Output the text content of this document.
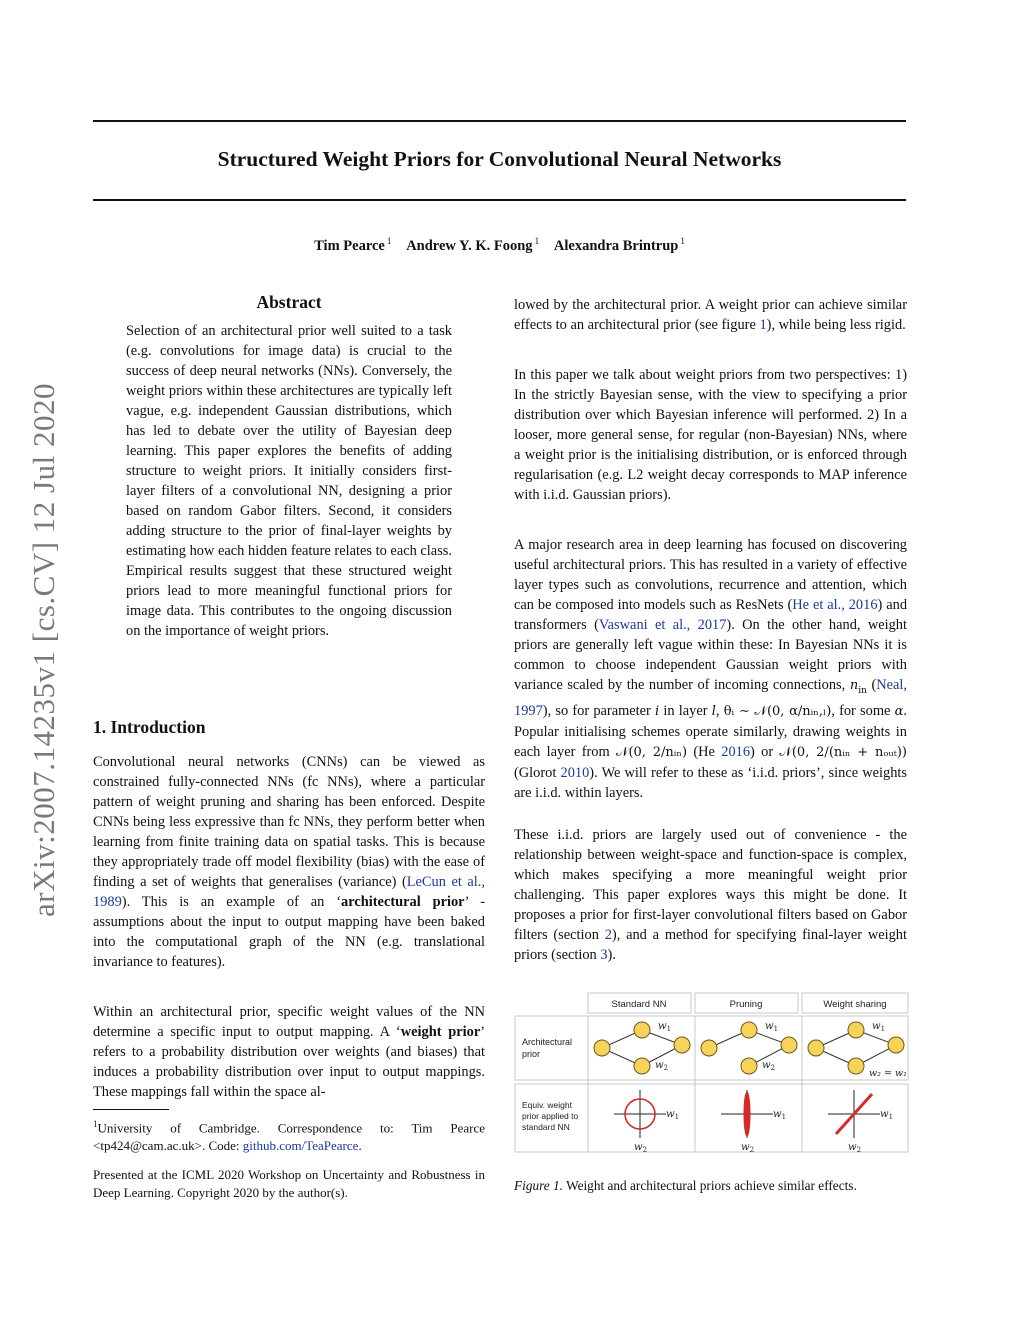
Structured Weight Priors for Convolutional Neural Networks
Tim Pearce $^1$ Andrew Y. K. Foong $^1$ Alexandra Brintrup $^1$
arXiv:2007.14235v1 [cs.CV] 12 Jul 2020
Abstract

Selection of an architectural prior well suited to a task (e.g. convolutions for image data) is crucial to the success of deep neural networks (NNs). Conversely, the weight priors within these architectures are typically left vague, e.g. independent Gaussian distributions, which has led to debate over the utility of Bayesian deep learning. This paper explores the benefits of adding structure to weight priors. It initially considers first-layer filters of a convolutional NN, designing a prior based on random Gabor filters. Second, it considers adding structure to the prior of final-layer weights by estimating how each hidden feature relates to each class. Empirical results suggest that these structured weight priors lead to more meaningful functional priors for image data. This contributes to the ongoing discussion on the importance of weight priors.

1. Introduction

Convolutional neural networks (CNNs) can be viewed as constrained fully-connected NNs (fc NNs), where a particular pattern of weight pruning and sharing has been enforced. Despite CNNs being less expressive than fc NNs, they perform better when learning from finite training data on spatial tasks. This is because they appropriately trade off model flexibility (bias) with the ease of finding a set of weights that generalises (variance) (LeCun et al., 1989). This is an example of an ‘architectural prior’ - assumptions about the input to output mapping have been baked into the computational graph of the NN (e.g. translational invariance to features).

Within an architectural prior, specific weight values of the NN determine a specific input to output mapping. A ‘weight prior’ refers to a probability distribution over weights (and biases) that induces a probability distribution over input to output mappings. These mappings fall within the space al-

$^1$University of Cambridge. Correspondence to: Tim Pearce <tp424@cam.ac.uk>. Code: github.com/TeaPearce.
Presented at the ICML 2020 Workshop on Uncertainty and Robustness in Deep Learning. Copyright 2020 by the author(s).

lowed by the architectural prior. A weight prior can achieve similar effects to an architectural prior (see figure 1), while being less rigid.

In this paper we talk about weight priors from two perspectives: 1) In the strictly Bayesian sense, with the view to specifying a prior distribution over which Bayesian inference will performed. 2) In a looser, more general sense, for regular (non-Bayesian) NNs, where a weight prior is the initialising distribution, or is enforced through regularisation (e.g. L2 weight decay corresponds to MAP inference with i.i.d. Gaussian priors).

A major research area in deep learning has focused on discovering useful architectural priors. This has resulted in a variety of effective layer types such as convolutions, recurrence and attention, which can be composed into models such as ResNets (He et al., 2016) and transformers (Vaswani et al., 2017). On the other hand, weight priors are generally left vague within these: In Bayesian NNs it is common to choose independent Gaussian weight priors with variance scaled by the number of incoming connections, $n_{in}$ (Neal, 1997), so for parameter i in layer l, θᵢ ∼ 𝒩(0, α/nᵢₙ,ₗ), for some α. Popular initialising schemes operate similarly, drawing weights in each layer from 𝒩(0, 2/nᵢₙ) (He 2016) or 𝒩(0, 2/(nᵢₙ + nₒᵤₜ)) (Glorot 2010). We will refer to these as ‘i.i.d. priors’, since weights are i.i.d. within layers.

These i.i.d. priors are largely used out of convenience - the relationship between weight-space and function-space is complex, which makes specifying a more meaningful weight prior challenging. This paper explores ways this might be done. It proposes a prior for first-layer convolutional filters based on Gabor filters (section 2), and a method for specifying final-layer weight priors (section 3).

Standard NN	Pruning	Weight sharing
Architectural
prior
Equiv. weight
prior applied to
standard NN
$w_1$
$w_2$
$w_1$
$w_2$
$w_1$
w₂ = w₁
$w_1$
$w_2$
$w_1$
$w_2$
$w_1$
$w_2$
Figure 1. Weight and architectural priors achieve similar effects.
